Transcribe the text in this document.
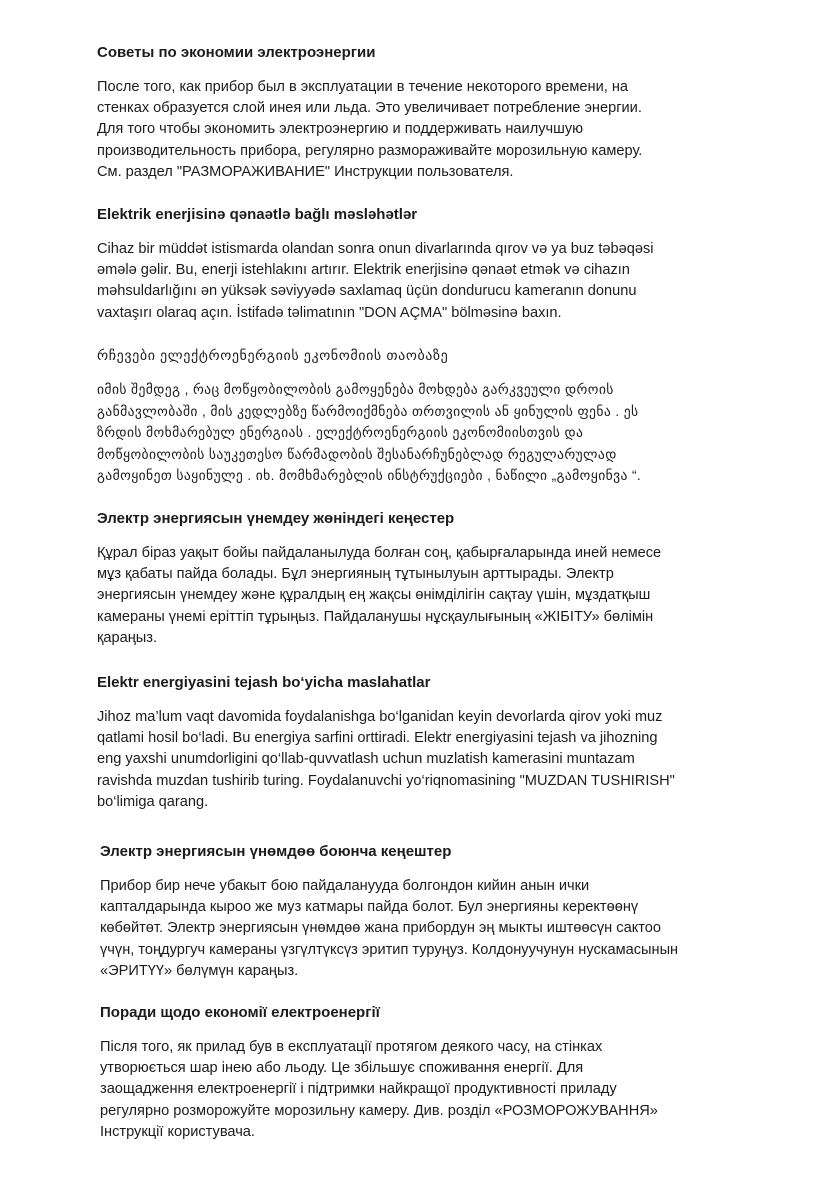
Советы по экономии электроэнергии
После того, как прибор был в эксплуатации в течение некоторого времени, на
стенках образуется слой инея или льда. Это увеличивает потребление энергии.
Для того чтобы экономить электроэнергию и поддерживать наилучшую
производительность прибора, регулярно размораживайте морозильную камеру.
См. раздел "РАЗМОРАЖИВАНИЕ" Инструкции пользователя.
Elektrik enerjisinə qənaətlə bağlı məsləhətlər
Cihaz bir müddət istismarda olandan sonra onun divarlarında qırov və ya buz təbəqəsi
əmələ gəlir. Bu, enerji istehlakını artırır. Elektrik enerjisinə qənaət etmək və cihazın
məhsuldarlığını ən yüksək səviyyədə saxlamaq üçün dondurucu kameranın donunu
vaxtaşırı olaraq açın. İstifadə təlimatının "DON AÇMA" bölməsinə baxın.
რჩევები ელექტროენერგიის ეკონომიის თაობაზე
იმის შემდეგ , რაც მოწყობილობის გამოყენება მოხდება გარკვეული დროის
განმავლობაში , მის კედლებზე წარმოიქმნება თრთვილის ან ყინულის ფენა . ეს
ზრდის მოხმარებულ ენერგიას . ელექტროენერგიის ეკონომიისთვის და
მოწყობილობის საუკეთესო წარმადობის შესანარჩუნებლად რეგულარულად
გამოყინეთ საყინულე . იხ. მომხმარებლის ინსტრუქციები , ნაწილი „გამოყინვა “.
Электр энергиясын үнемдеу жөніндегі кеңестер
Құрал біраз уақыт бойы пайдаланылуда болған соң, қабырғаларында иней немесе
мұз қабаты пайда болады. Бұл энергияның тұтынылуын арттырады. Электр
энергиясын үнемдеу және құралдың ең жақсы өнімділігін сақтау үшін, мұздатқыш
камераны үнемі еріттіп тұрыңыз. Пайдаланушы нұсқаулығының «ЖІБІТУ» бөлімін
қараңыз.
Elektr energiyasini tejash bo‘yicha maslahatlar
Jihoz ma’lum vaqt davomida foydalanishga bo‘lganidan keyin devorlarda qirov yoki muz
qatlami hosil bo‘ladi. Bu energiya sarfini orttiradi. Elektr energiyasini tejash va jihozning
eng yaxshi unumdorligini qo‘llab-quvvatlash uchun muzlatish kamerasini muntazam
ravishda muzdan tushirib turing. Foydalanuvchi yo‘riqnomasining "MUZDAN TUSHIRISH"
bo‘limiga qarang.
Электр энергиясын үнөмдөө боюнча кеңештер
Прибор бир нече убакыт бою пайдаланууда болгондон кийин анын ички
капталдарында кыроо же муз катмары пайда болот. Бул энергияны керектөөнү
көбөйтөт. Электр энергиясын үнөмдөө жана прибордун эң мыкты иштөөсүн сактоо
үчүн, тоңдургуч камераны үзгүлтүксүз эритип туруңуз. Колдонуучунун нускамасынын
«ЭРИТҮҮ» бөлүмүн караңыз.
Поради щодо економії електроенергії
Після того, як прилад був в експлуатації протягом деякого часу, на стінках
утворюється шар інею або льоду. Це збільшує споживання енергії. Для
заощадження електроенергії і підтримки найкращої продуктивності приладу
регулярно розморожуйте морозильну камеру. Див. розділ «РОЗМОРОЖУВАННЯ»
Інструкції користувача.
